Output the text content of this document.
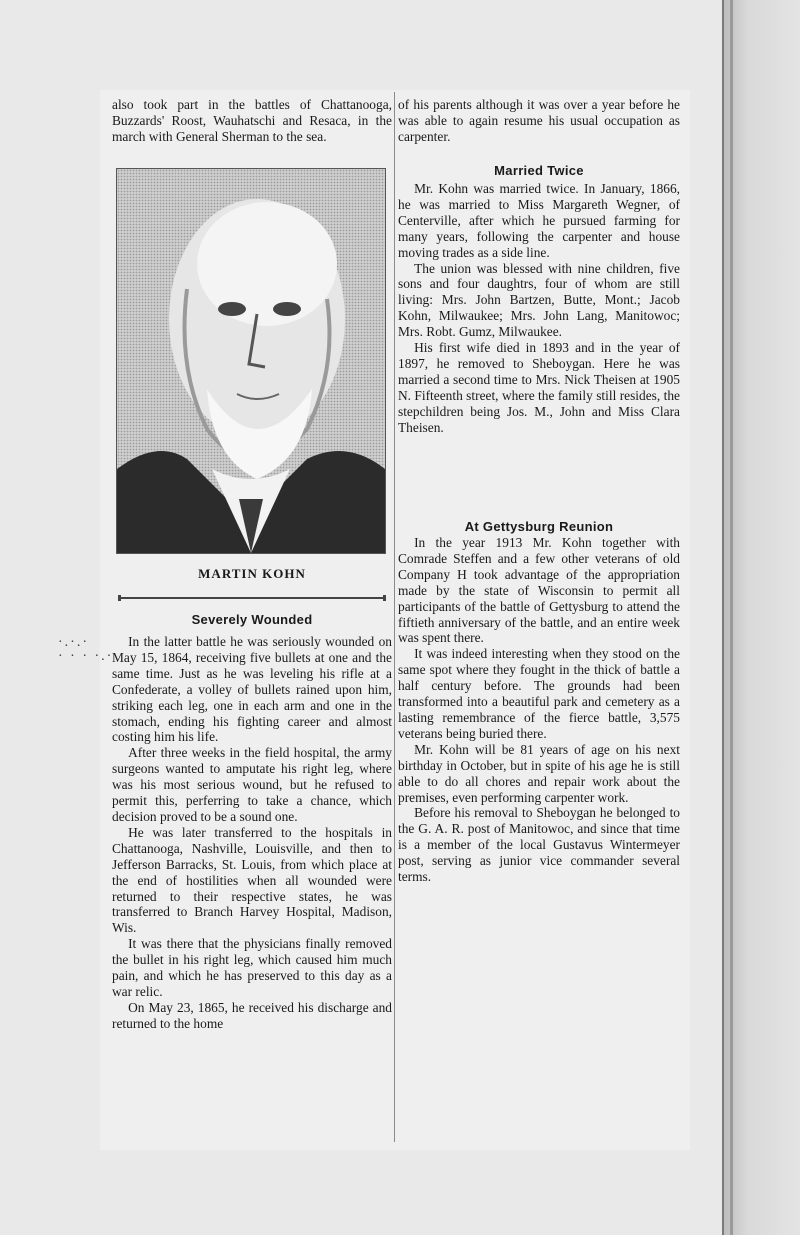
also took part in the battles of Chattanooga, Buzzards' Roost, Wauhatschi and Resaca, in the march with General Sherman to the sea.

MARTIN KOHN
Severely Wounded
·.·.·
· · · ·.·

In the latter battle he was seriously wounded on May 15, 1864, receiving five bullets at one and the same time. Just as he was leveling his rifle at a Confederate, a volley of bullets rained upon him, striking each leg, one in each arm and one in the stomach, ending his fighting career and almost costing him his life.

After three weeks in the field hospital, the army surgeons wanted to amputate his right leg, where was his most serious wound, but he refused to permit this, perferring to take a chance, which decision proved to be a sound one.

He was later transferred to the hospitals in Chattanooga, Nashville, Louisville, and then to Jefferson Barracks, St. Louis, from which place at the end of hostilities when all wounded were returned to their respective states, he was transferred to Branch Harvey Hospital, Madison, Wis.

It was there that the physicians finally removed the bullet in his right leg, which caused him much pain, and which he has preserved to this day as a war relic.

On May 23, 1865, he received his discharge and returned to the home

of his parents although it was over a year before he was able to again resume his usual occupation as carpenter.

Mr. Kohn was married twice. In January, 1866, he was married to Miss Margareth Wegner, of Centerville, after which he pursued farming for many years, following the carpenter and house moving trades as a side line.

The union was blessed with nine children, five sons and four daughtrs, four of whom are still living: Mrs. John Bartzen, Butte, Mont.; Jacob Kohn, Milwaukee; Mrs. John Lang, Manitowoc; Mrs. Robt. Gumz, Milwaukee.

His first wife died in 1893 and in the year of 1897, he removed to Sheboygan. Here he was married a second time to Mrs. Nick Theisen at 1905 N. Fifteenth street, where the family still resides, the stepchildren being Jos. M., John and Miss Clara Theisen.

In the year 1913 Mr. Kohn together with Comrade Steffen and a few other veterans of old Company H took advantage of the appropriation made by the state of Wisconsin to permit all participants of the battle of Gettysburg to attend the fiftieth anniversary of the battle, and an entire week was spent there.

It was indeed interesting when they stood on the same spot where they fought in the thick of battle a half century before. The grounds had been transformed into a beautiful park and cemetery as a lasting remembrance of the fierce battle, 3,575 veterans being buried there.

Mr. Kohn will be 81 years of age on his next birthday in October, but in spite of his age he is still able to do all chores and repair work about the premises, even performing carpenter work.

Before his removal to Sheboygan he belonged to the G. A. R. post of Manitowoc, and since that time is a member of the local Gustavus Wintermeyer post, serving as junior vice commander several terms.

Married Twice
At Gettysburg Reunion
